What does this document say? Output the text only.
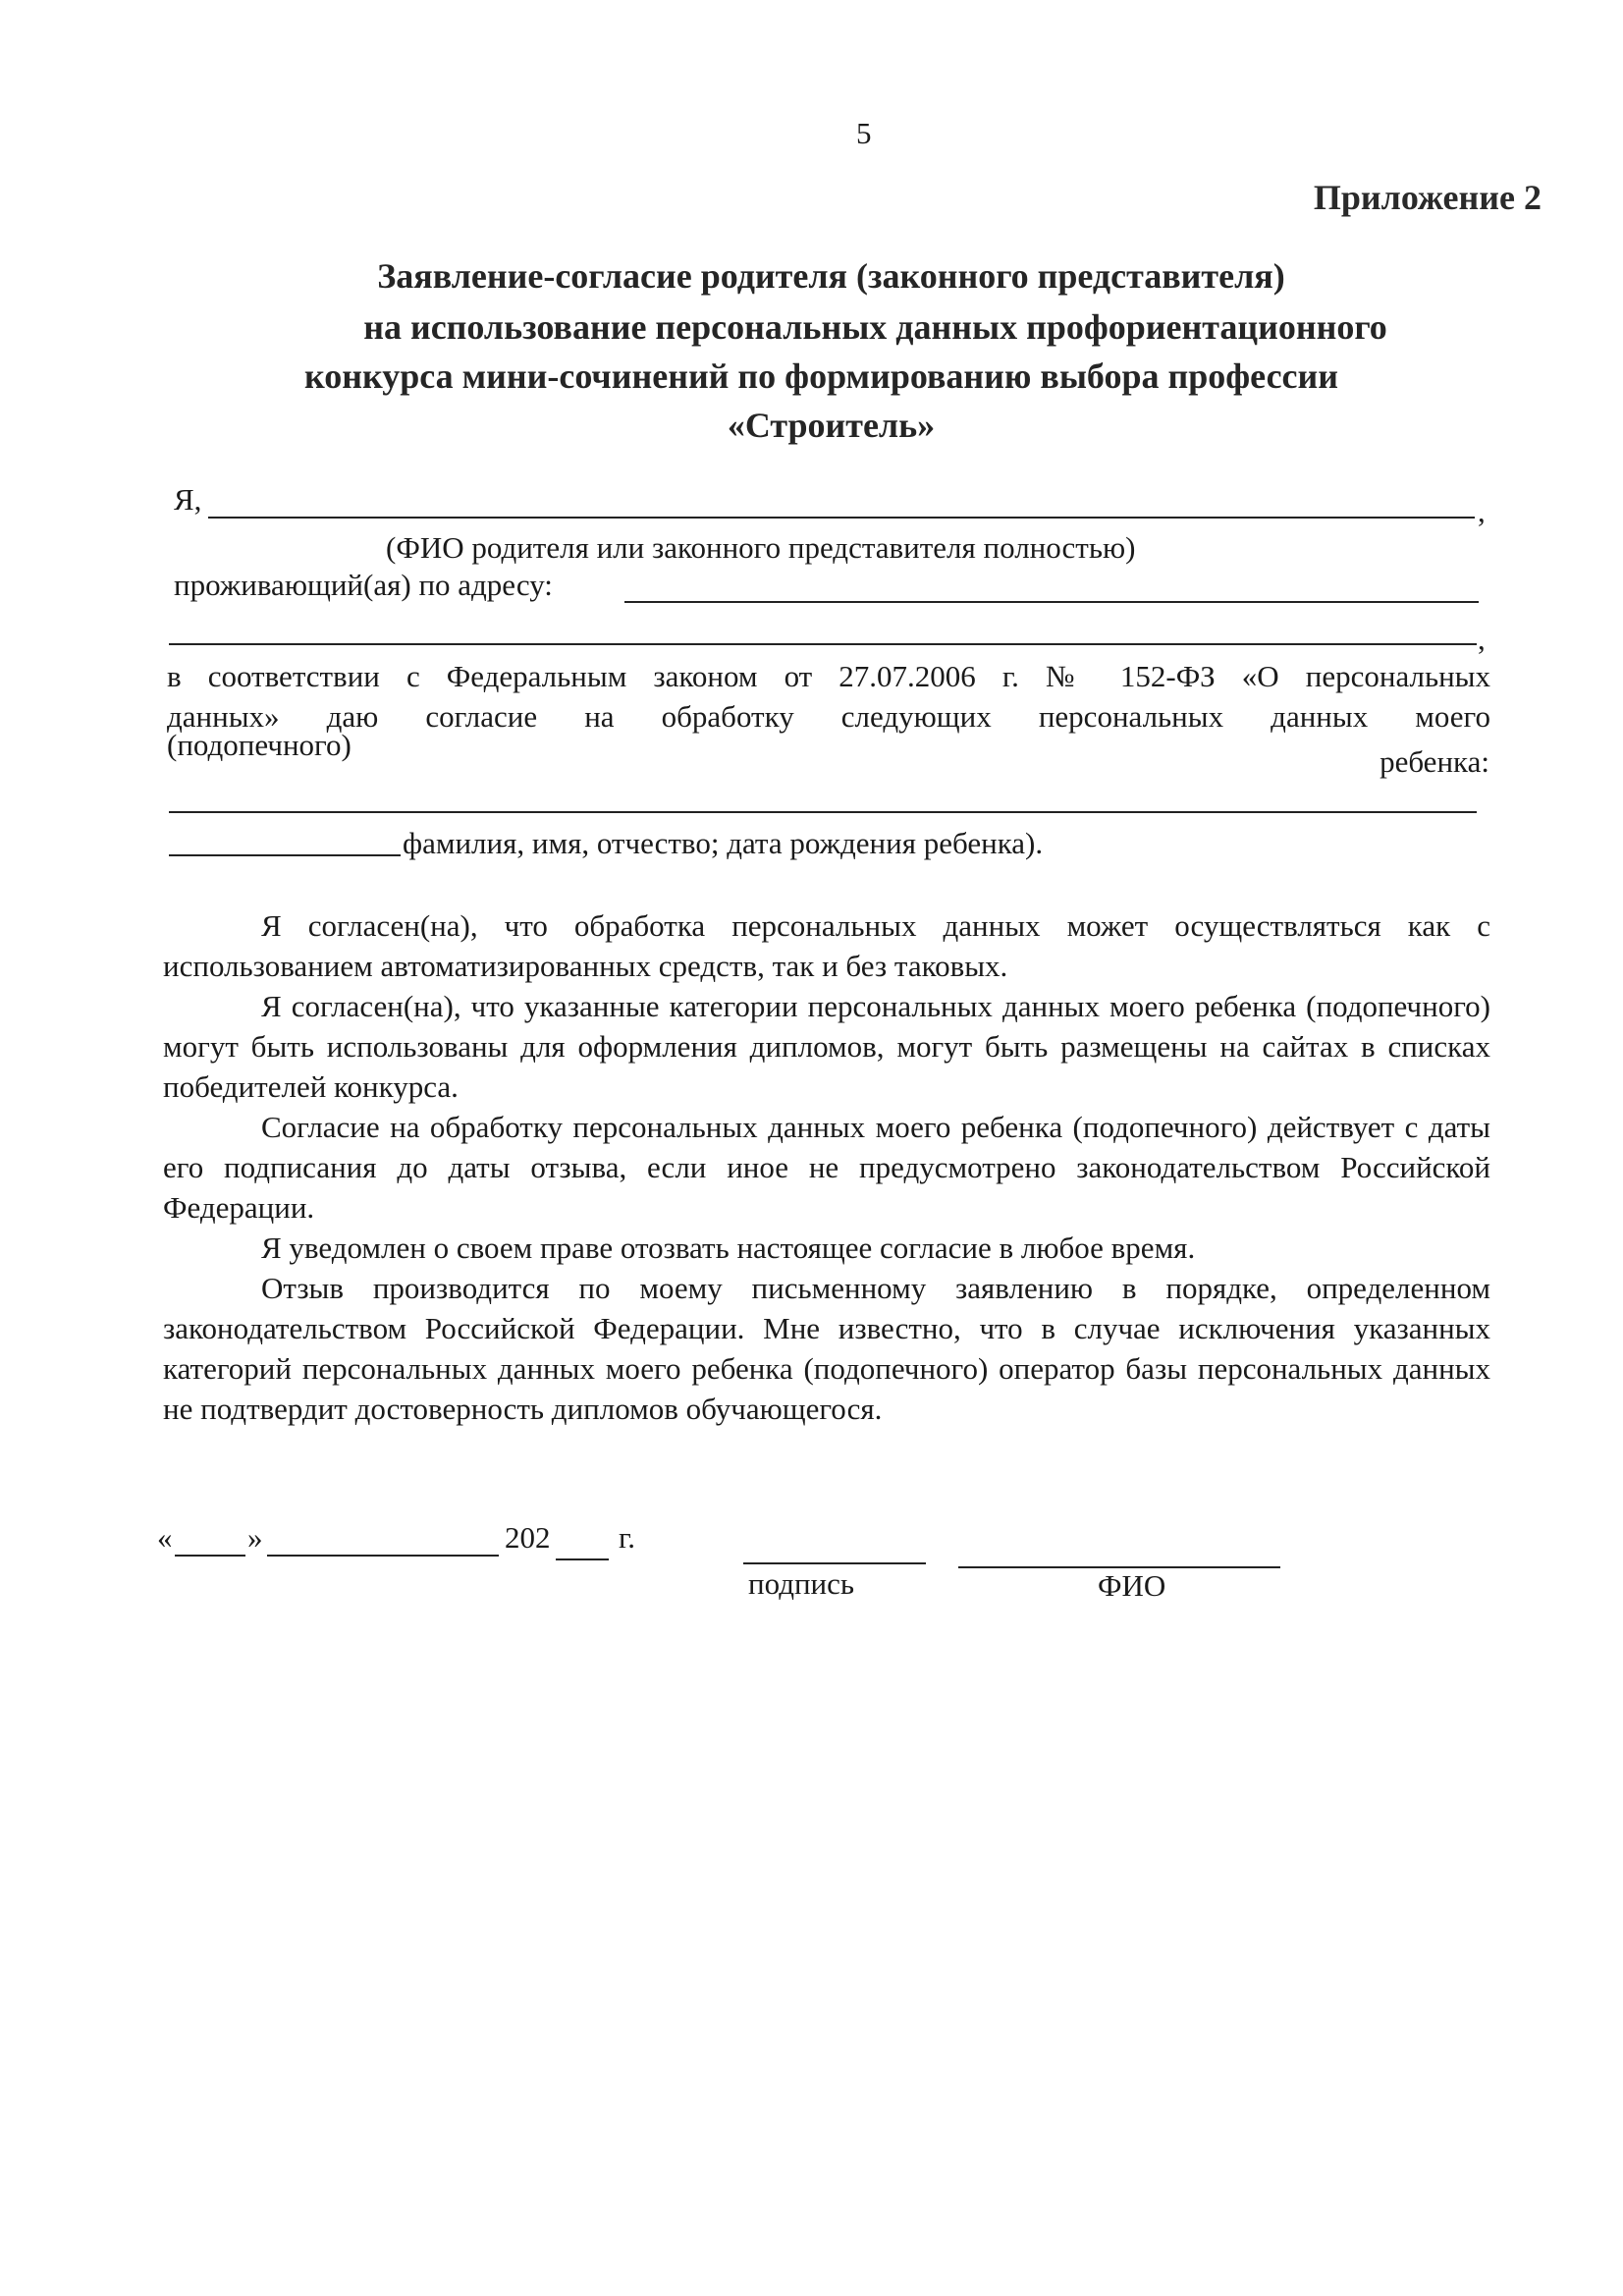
5
Приложение 2
Заявление-согласие родителя (законного представителя)
на использование персональных данных профориентационного
конкурса мини-сочинений по формированию выбора профессии
«Строитель»
Я,	,
(ФИО родителя или законного представителя полностью)
проживающий(ая) по адресу:
,
в соответствии с Федеральным законом от 27.07.2006 г. № 152-ФЗ «О персональных
данных» даю согласие на обработку следующих персональных данных моего
(подопечного)	ребенка:
фамилия, имя, отчество; дата рождения ребенка).

Я согласен(на), что обработка персональных данных может осуществляться как с использованием автоматизированных средств, так и без таковых.

Я согласен(на), что указанные категории персональных данных моего ребенка (подопечного) могут быть использованы для оформления дипломов, могут быть размещены на сайтах в списках победителей конкурса.

Согласие на обработку персональных данных моего ребенка (подопечного) действует с даты его подписания до даты отзыва, если иное не предусмотрено законодательством Российской Федерации.

Я уведомлен о своем праве отозвать настоящее согласие в любое время.

Отзыв производится по моему письменному заявлению в порядке, определенном законодательством Российской Федерации. Мне известно, что в случае исключения указанных категорий персональных данных моего ребенка (подопечного) оператор базы персональных данных не подтвердит достоверность дипломов обучающегося.

« »	202 г.
подпись	ФИО
